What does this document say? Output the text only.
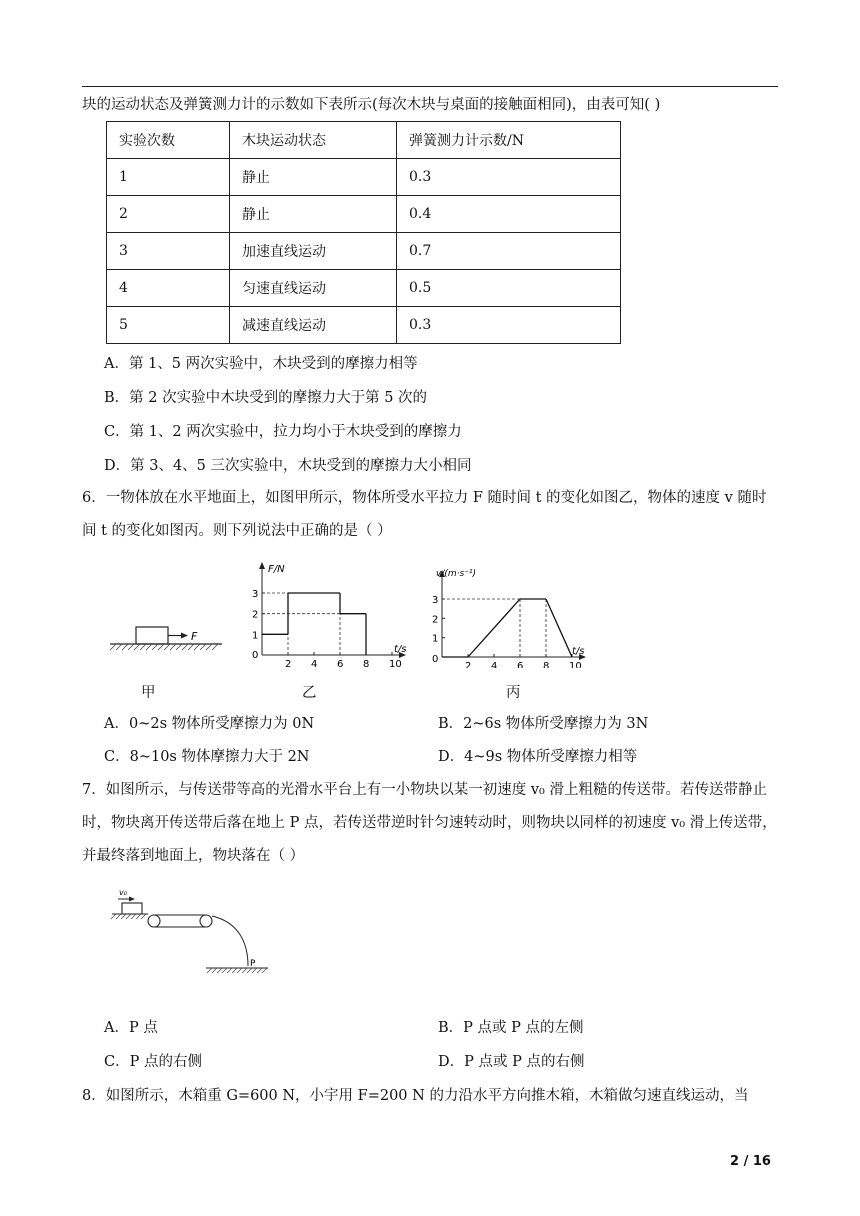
块的运动状态及弹簧测力计的示数如下表所示(每次木块与桌面的接触面相同)，由表可知( )
实验次数	木块运动状态	弹簧测力计示数/N
1	静止	0.3
2	静止	0.4
3	加速直线运动	0.7
4	匀速直线运动	0.5
5	减速直线运动	0.3
A．第 1、5 两次实验中，木块受到的摩擦力相等
B．第 2 次实验中木块受到的摩擦力大于第 5 次的
C．第 1、2 两次实验中，拉力均小于木块受到的摩擦力
D．第 3、4、5 三次实验中，木块受到的摩擦力大小相同
6．一物体放在水平地面上，如图甲所示，物体所受水平拉力 F 随时间 t 的变化如图乙，物体的速度 v 随时间 t 的变化如图丙。则下列说法中正确的是（ ）
F
甲
F/N
t/s
0
2 4 6 8 10
1
2
3
乙
v/(m·s⁻¹)
t/s
0
2 4 6 8 10
1
2
3
丙
A．0~2s 物体所受摩擦力为 0N	B．2~6s 物体所受摩擦力为 3N
C．8~10s 物体摩擦力大于 2N	D．4~9s 物体所受摩擦力相等
7．如图所示，与传送带等高的光滑水平台上有一小物块以某一初速度 v₀ 滑上粗糙的传送带。若传送带静止时，物块离开传送带后落在地上 P 点，若传送带逆时针匀速转动时，则物块以同样的初速度 v₀ 滑上传送带，并最终落到地面上，物块落在（ ）
v₀
P
A．P 点	B．P 点或 P 点的左侧
C．P 点的右侧	D．P 点或 P 点的右侧
8．如图所示，木箱重 G=600 N，小宇用 F=200 N 的力沿水平方向推木箱，木箱做匀速直线运动，当
2 / 16
